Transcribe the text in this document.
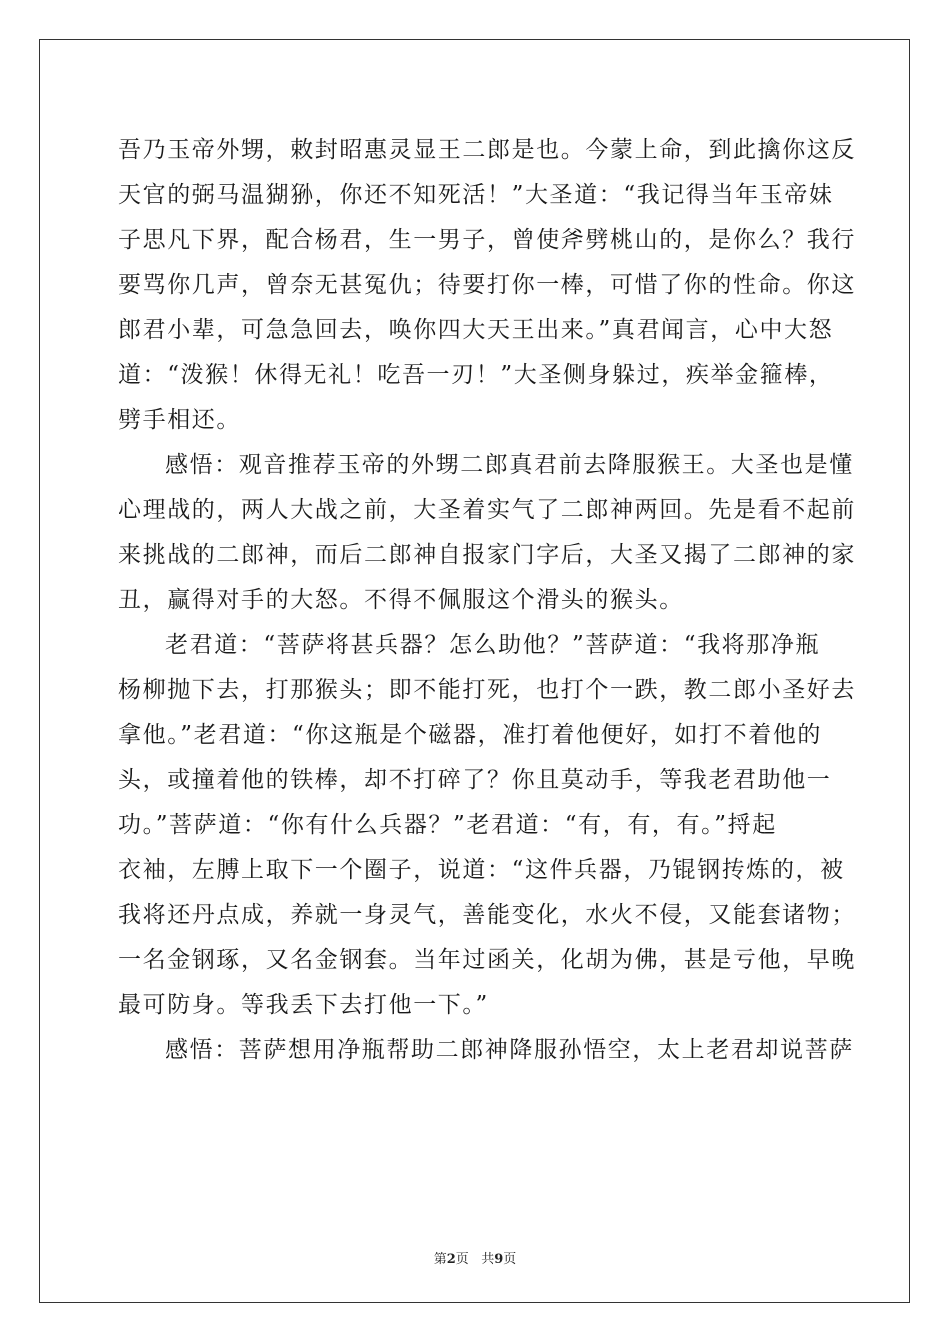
吾乃玉帝外甥，敕封昭惠灵显王二郎是也。今蒙上命，到此擒你这反

天官的弼马温猢狲，你还不知死活！”大圣道：“我记得当年玉帝妹

子思凡下界，配合杨君，生一男子，曾使斧劈桃山的，是你么？我行

要骂你几声，曾奈无甚冤仇；待要打你一棒，可惜了你的性命。你这

郎君小辈，可急急回去，唤你四大天王出来。”真君闻言，心中大怒

道：“泼猴！休得无礼！吃吾一刃！”大圣侧身躲过，疾举金箍棒，

劈手相还。

感悟：观音推荐玉帝的外甥二郎真君前去降服猴王。大圣也是懂

心理战的，两人大战之前，大圣着实气了二郎神两回。先是看不起前

来挑战的二郎神，而后二郎神自报家门字后，大圣又揭了二郎神的家

丑，赢得对手的大怒。不得不佩服这个滑头的猴头。

老君道：“菩萨将甚兵器？怎么助他？”菩萨道：“我将那净瓶

杨柳抛下去，打那猴头；即不能打死，也打个一跌，教二郎小圣好去

拿他。”老君道：“你这瓶是个磁器，准打着他便好，如打不着他的

头，或撞着他的铁棒，却不打碎了？你且莫动手，等我老君助他一

功。”菩萨道：“你有什么兵器？”老君道：“有，有，有。”捋起

衣袖，左膊上取下一个圈子，说道：“这件兵器，乃锟钢抟炼的，被

我将还丹点成，养就一身灵气，善能变化，水火不侵，又能套诸物；

一名金钢琢，又名金钢套。当年过函关，化胡为佛，甚是亏他，早晚

最可防身。等我丢下去打他一下。”

感悟：菩萨想用净瓶帮助二郎神降服孙悟空，太上老君却说菩萨

第2页 共9页
